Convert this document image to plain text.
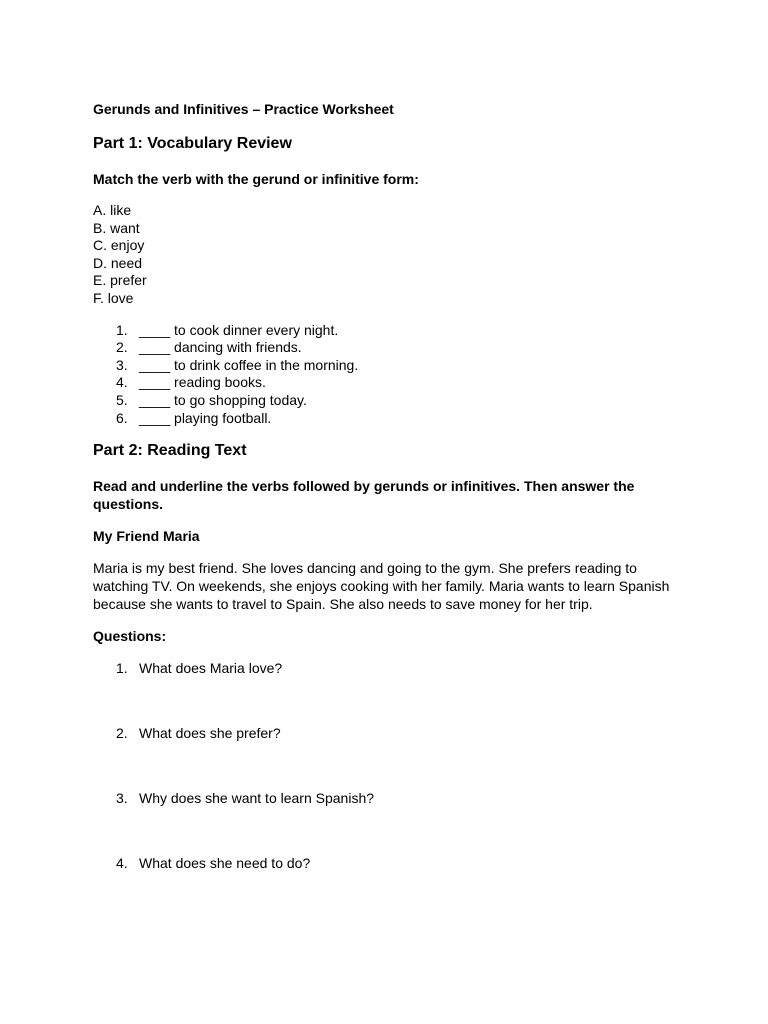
Gerunds and Infinitives – Practice Worksheet

Part 1: Vocabulary Review

Match the verb with the gerund or infinitive form:

A. like
B. want
C. enjoy
D. need
E. prefer
F. love
1. ____ to cook dinner every night.
2. ____ dancing with friends.
3. ____ to drink coffee in the morning.
4. ____ reading books.
5. ____ to go shopping today.
6. ____ playing football.
Part 2: Reading Text

Read and underline the verbs followed by gerunds or infinitives. Then answer the questions.

My Friend Maria

Maria is my best friend. She loves dancing and going to the gym. She prefers reading to watching TV. On weekends, she enjoys cooking with her family. Maria wants to learn Spanish because she wants to travel to Spain. She also needs to save money for her trip.

Questions:

1. What does Maria love?
2. What does she prefer?
3. Why does she want to learn Spanish?
4. What does she need to do?
